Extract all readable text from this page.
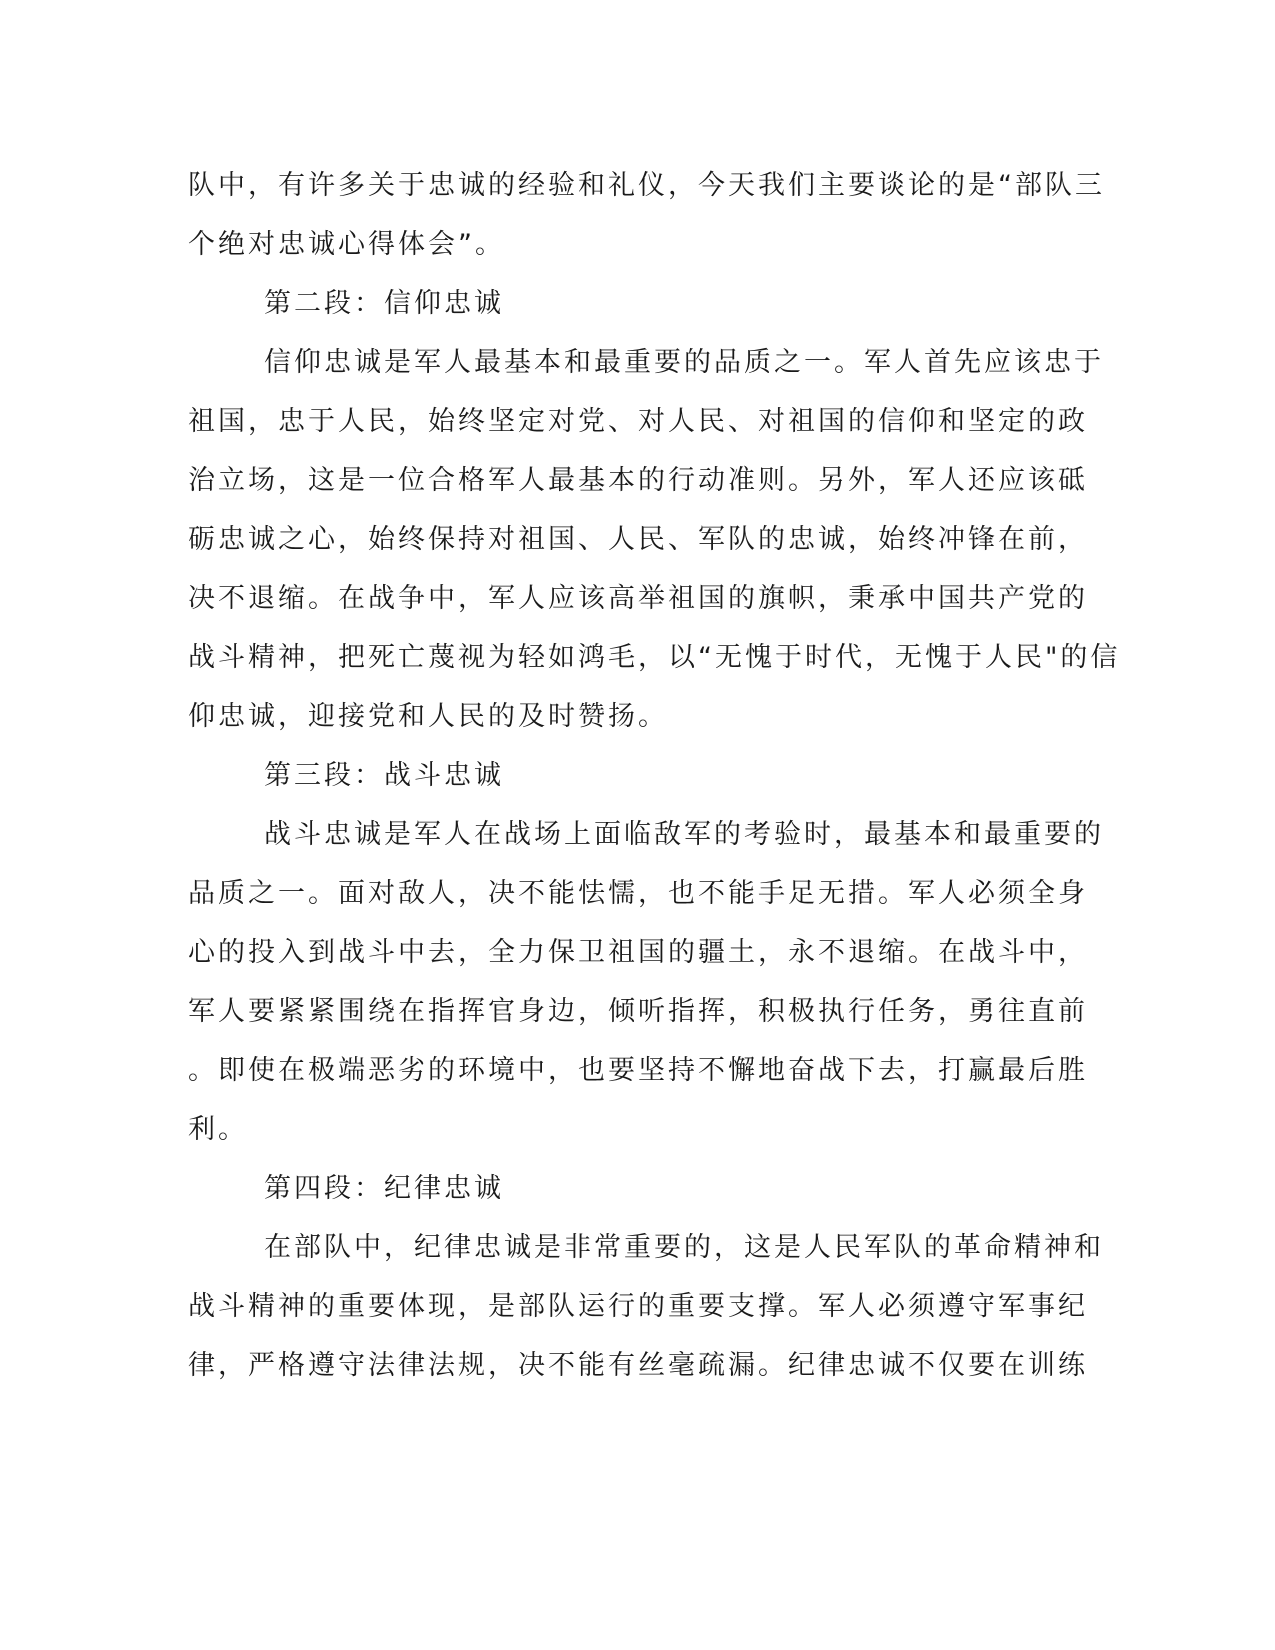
队中，有许多关于忠诚的经验和礼仪，今天我们主要谈论的是“部队三
个绝对忠诚心得体会”。
第二段：信仰忠诚
信仰忠诚是军人最基本和最重要的品质之一。军人首先应该忠于
祖国，忠于人民，始终坚定对党、对人民、对祖国的信仰和坚定的政
治立场，这是一位合格军人最基本的行动准则。另外，军人还应该砥
砺忠诚之心，始终保持对祖国、人民、军队的忠诚，始终冲锋在前，
决不退缩。在战争中，军人应该高举祖国的旗帜，秉承中国共产党的
战斗精神，把死亡蔑视为轻如鸿毛，以“无愧于时代，无愧于人民"的信
仰忠诚，迎接党和人民的及时赞扬。
第三段：战斗忠诚
战斗忠诚是军人在战场上面临敌军的考验时，最基本和最重要的
品质之一。面对敌人，决不能怯懦，也不能手足无措。军人必须全身
心的投入到战斗中去，全力保卫祖国的疆土，永不退缩。在战斗中，
军人要紧紧围绕在指挥官身边，倾听指挥，积极执行任务，勇往直前
。即使在极端恶劣的环境中，也要坚持不懈地奋战下去，打赢最后胜
利。
第四段：纪律忠诚
在部队中，纪律忠诚是非常重要的，这是人民军队的革命精神和
战斗精神的重要体现，是部队运行的重要支撑。军人必须遵守军事纪
律，严格遵守法律法规，决不能有丝毫疏漏。纪律忠诚不仅要在训练
